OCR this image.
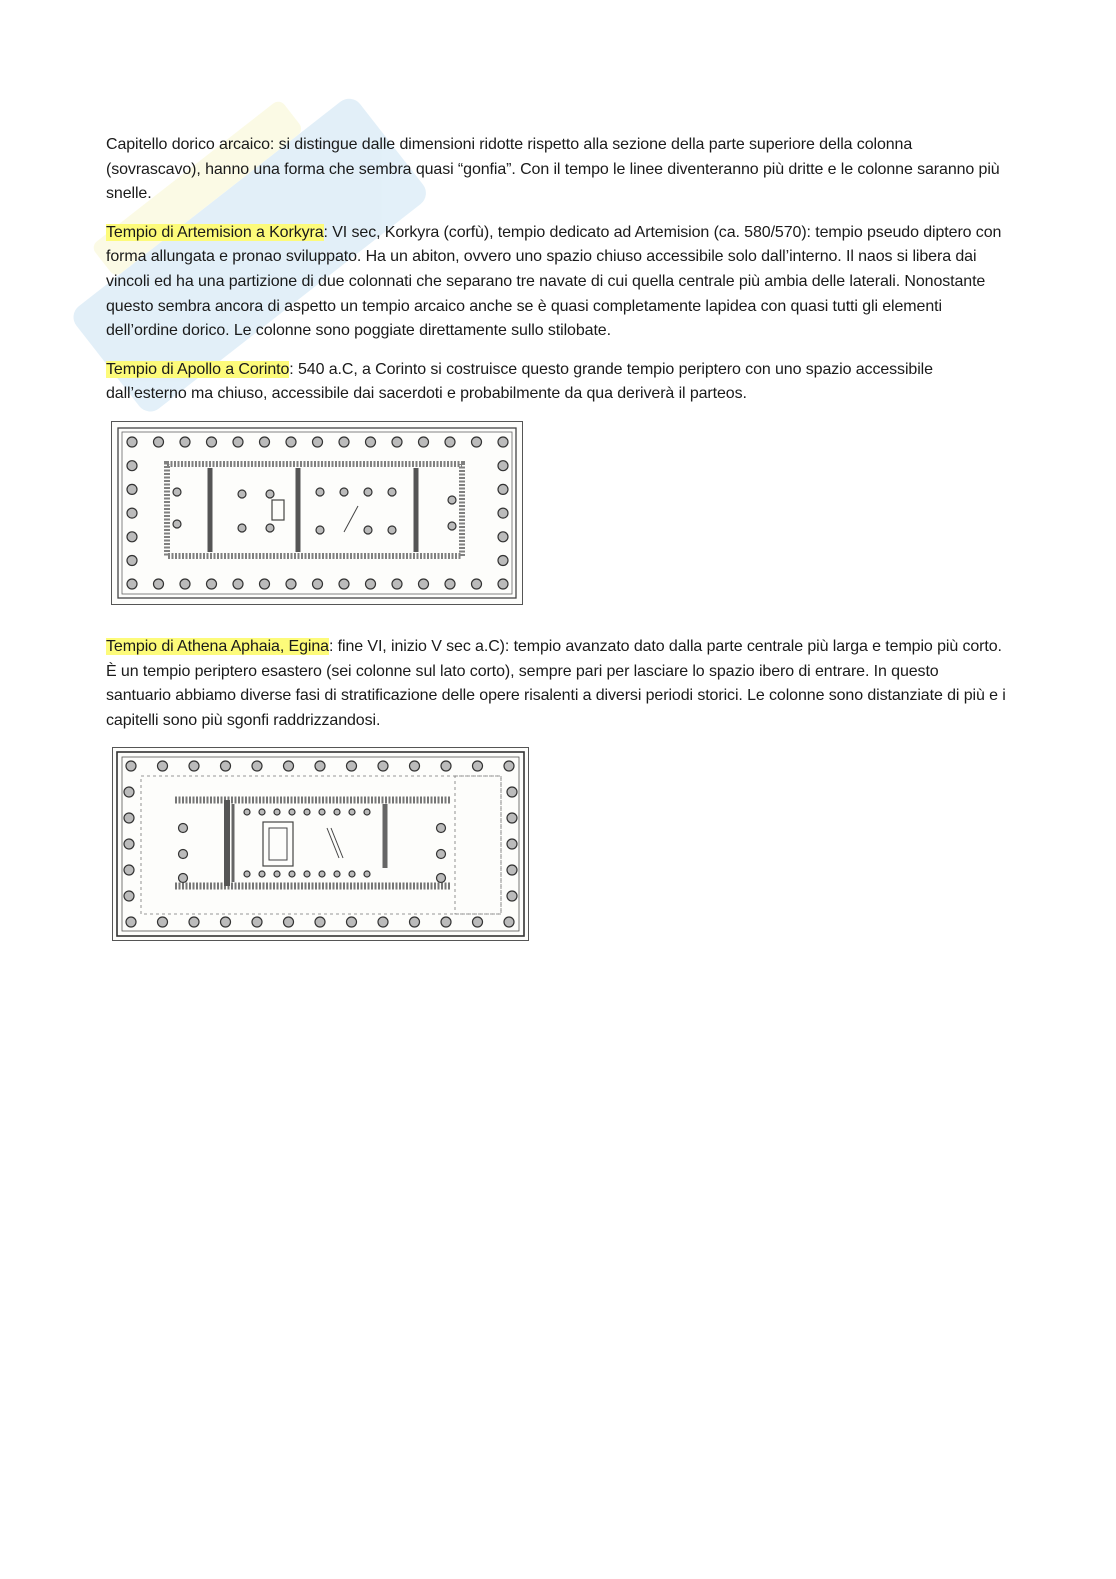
Capitello dorico arcaico: si distingue dalle dimensioni ridotte rispetto alla sezione della parte superiore della colonna (sovrascavo), hanno una forma che sembra quasi “gonfia”. Con il tempo le linee diventeranno più dritte e le colonne saranno più snelle.

Tempio di Artemision a Korkyra: VI sec, Korkyra (corfù), tempio dedicato ad Artemision (ca. 580/570): tempio pseudo diptero con forma allungata e pronao sviluppato. Ha un abiton, ovvero uno spazio chiuso accessibile solo dall’interno. Il naos si libera dai vincoli ed ha una partizione di due colonnati che separano tre navate di cui quella centrale più ambia delle laterali. Nonostante questo sembra ancora di aspetto un tempio arcaico anche se è quasi completamente lapidea con quasi tutti gli elementi dell’ordine dorico. Le colonne sono poggiate direttamente sullo stilobate.

Tempio di Apollo a Corinto: 540 a.C, a Corinto si costruisce questo grande tempio periptero con uno spazio accessibile dall’esterno ma chiuso, accessibile dai sacerdoti e probabilmente da qua deriverà il parteos.

Tempio di Athena Aphaia, Egina: fine VI, inizio V sec a.C): tempio avanzato dato dalla parte centrale più larga e tempio più corto. È un tempio periptero esastero (sei colonne sul lato corto), sempre pari per lasciare lo spazio ibero di entrare. In questo santuario abbiamo diverse fasi di stratificazione delle opere risalenti a diversi periodi storici. Le colonne sono distanziate di più e i capitelli sono più sgonfi raddrizzandosi.
